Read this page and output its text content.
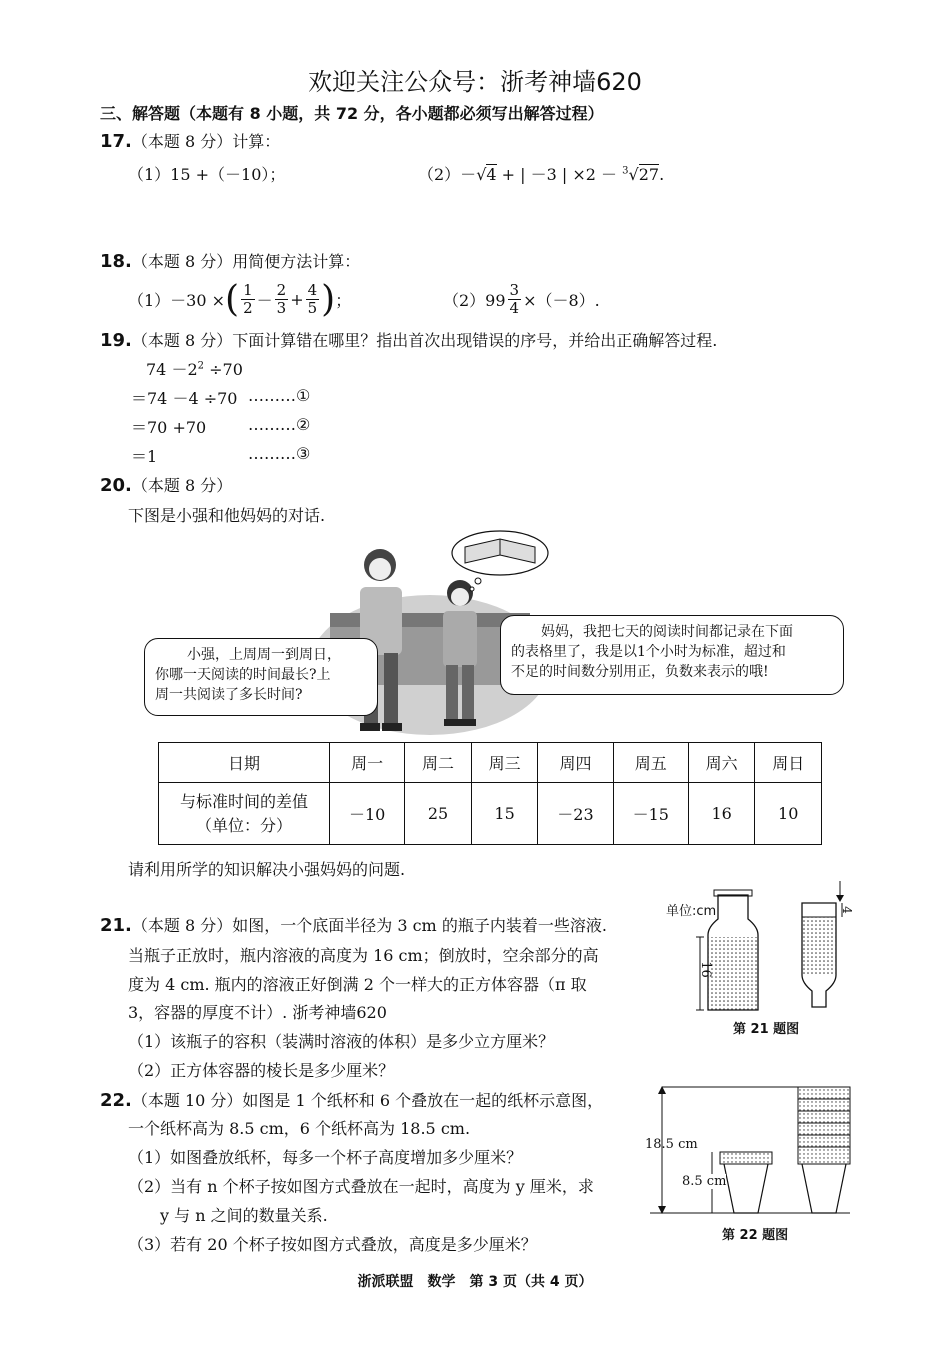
欢迎关注公众号：浙考神墙620
三、解答题（本题有 8 小题，共 72 分，各小题都必须写出解答过程）
17.（本题 8 分）计算：
（1）15 +（－10）；	（2）－√4 + | －3 | ×2 － $^3$√27.
18.（本题 8 分）用简便方法计算：
（1）－30 × ( $\frac{1}{2} - \frac{2}{3} + \frac{4}{5}$ ) ；	$(2)99 \frac{3}{4} \times(-8)$.
19.（本题 8 分）下面计算错在哪里？指出首次出现错误的序号，并给出正确解答过程.
$74 -2^2 \div 70$
＝74 －4 ÷70 ………①
＝70 +70	………②
＝1	………③
20.（本题 8 分）
下图是小强和他妈妈的对话.
小强，上周周一到周日，
你哪一天阅读的时间最长?上
周一共阅读了多长时间?
妈妈，我把七天的阅读时间都记录在下面
的表格里了，我是以1个小时为标准，超过和
不足的时间数分别用正，负数来表示的哦!
日期	周一	周二	周三	周四	周五	周六	周日

与标准时间的差值
（单位：分）	－10	25	15	－23	－15	16	10
请利用所学的知识解决小强妈妈的问题.
21.（本题 8 分）如图，一个底面半径为 3 cm 的瓶子内装着一些溶液.
当瓶子正放时，瓶内溶液的高度为 16 cm；倒放时，空余部分的高
度为 4 cm. 瓶内的溶液正好倒满 2 个一样大的正方体容器（π 取
3，容器的厚度不计）. 浙考神墙620
（1）该瓶子的容积（装满时溶液的体积）是多少立方厘米？
（2）正方体容器的棱长是多少厘米？
单位:cm
16
4
第 21 题图
22.（本题 10 分）如图是 1 个纸杯和 6 个叠放在一起的纸杯示意图，
一个纸杯高为 8.5 cm，6 个纸杯高为 18.5 cm.
（1）如图叠放纸杯，每多一个杯子高度增加多少厘米？
（2）当有 n 个杯子按如图方式叠放在一起时，高度为 y 厘米，求
y 与 n 之间的数量关系.
（3）若有 20 个杯子按如图方式叠放，高度是多少厘米？
18.5 cm
8.5 cm
第 22 题图
浙派联盟　数学　第 3 页（共 4 页）
